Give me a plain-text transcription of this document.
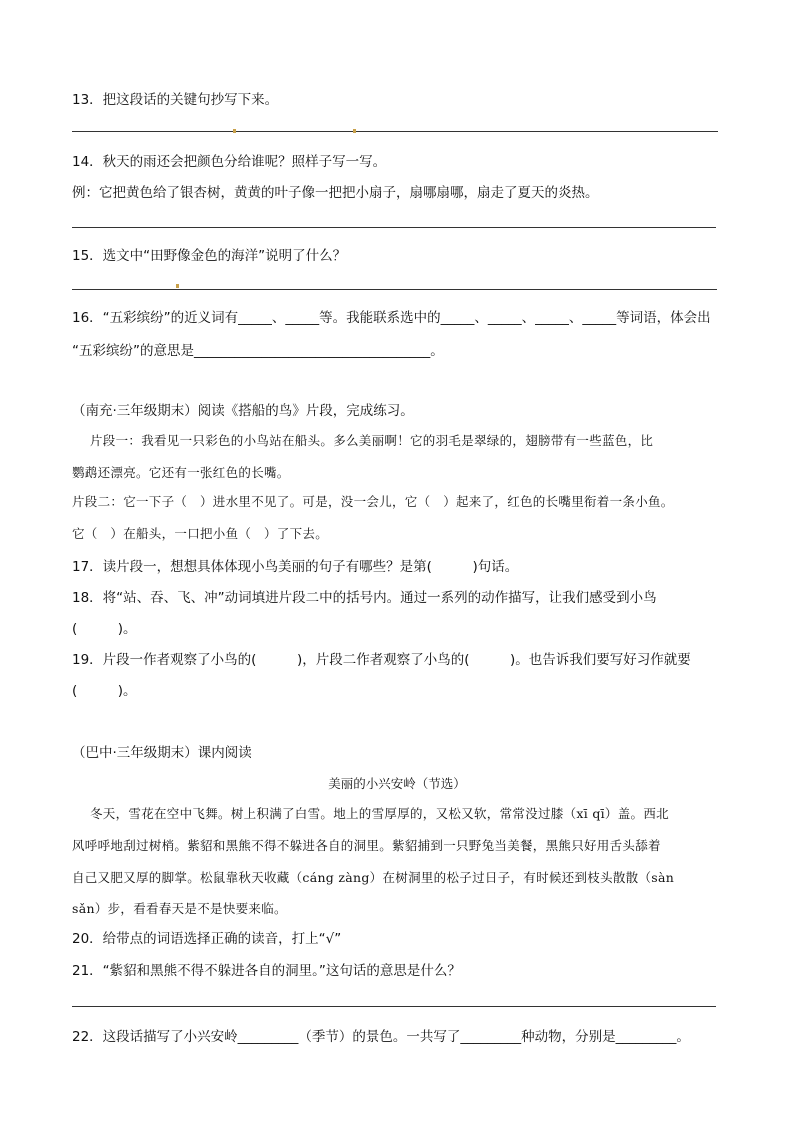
13．把这段话的关键句抄写下来。
14．秋天的雨还会把颜色分给谁呢？照样子写一写。
例：它把黄色给了银杏树，黄黄的叶子像一把把小扇子，扇哪扇哪，扇走了夏天的炎热。
15．选文中“田野像金色的海洋”说明了什么？
16．“五彩缤纷”的近义词有_____、_____等。我能联系选中的_____、_____、_____、_____等词语，体会出
“五彩缤纷”的意思是___________________________________。
（南充·三年级期末）阅读《搭船的鸟》片段，完成练习。
片段一：我看见一只彩色的小鸟站在船头。多么美丽啊！它的羽毛是翠绿的，翅膀带有一些蓝色，比
鹦鹉还漂亮。它还有一张红色的长嘴。
片段二：它一下子（　）进水里不见了。可是，没一会儿，它（　）起来了，红色的长嘴里衔着一条小鱼。
它（　）在船头，一口把小鱼（　）了下去。
17．读片段一，想想具体体现小鸟美丽的句子有哪些？是第(　　　)句话。
18．将“站、吞、飞、冲”动词填进片段二中的括号内。通过一系列的动作描写，让我们感受到小鸟
(　　　)。
19．片段一作者观察了小鸟的(　　　)，片段二作者观察了小鸟的(　　　)。也告诉我们要写好习作就要
(　　　)。
（巴中·三年级期末）课内阅读
美丽的小兴安岭（节选）
冬天，雪花在空中飞舞。树上积满了白雪。地上的雪厚厚的，又松又软，常常没过膝（xī qī）盖。西北
风呼呼地刮过树梢。紫貂和黑熊不得不躲进各自的洞里。紫貂捕到一只野兔当美餐，黑熊只好用舌头舔着
自己又肥又厚的脚掌。松鼠靠秋天收藏（cáng zàng）在树洞里的松子过日子，有时候还到枝头散散（sàn
sǎn）步，看看春天是不是快要来临。
20．给带点的词语选择正确的读音，打上“√”
21．“紫貂和黑熊不得不躲进各自的洞里。”这句话的意思是什么？
22．这段话描写了小兴安岭_________（季节）的景色。一共写了_________种动物，分别是_________。
